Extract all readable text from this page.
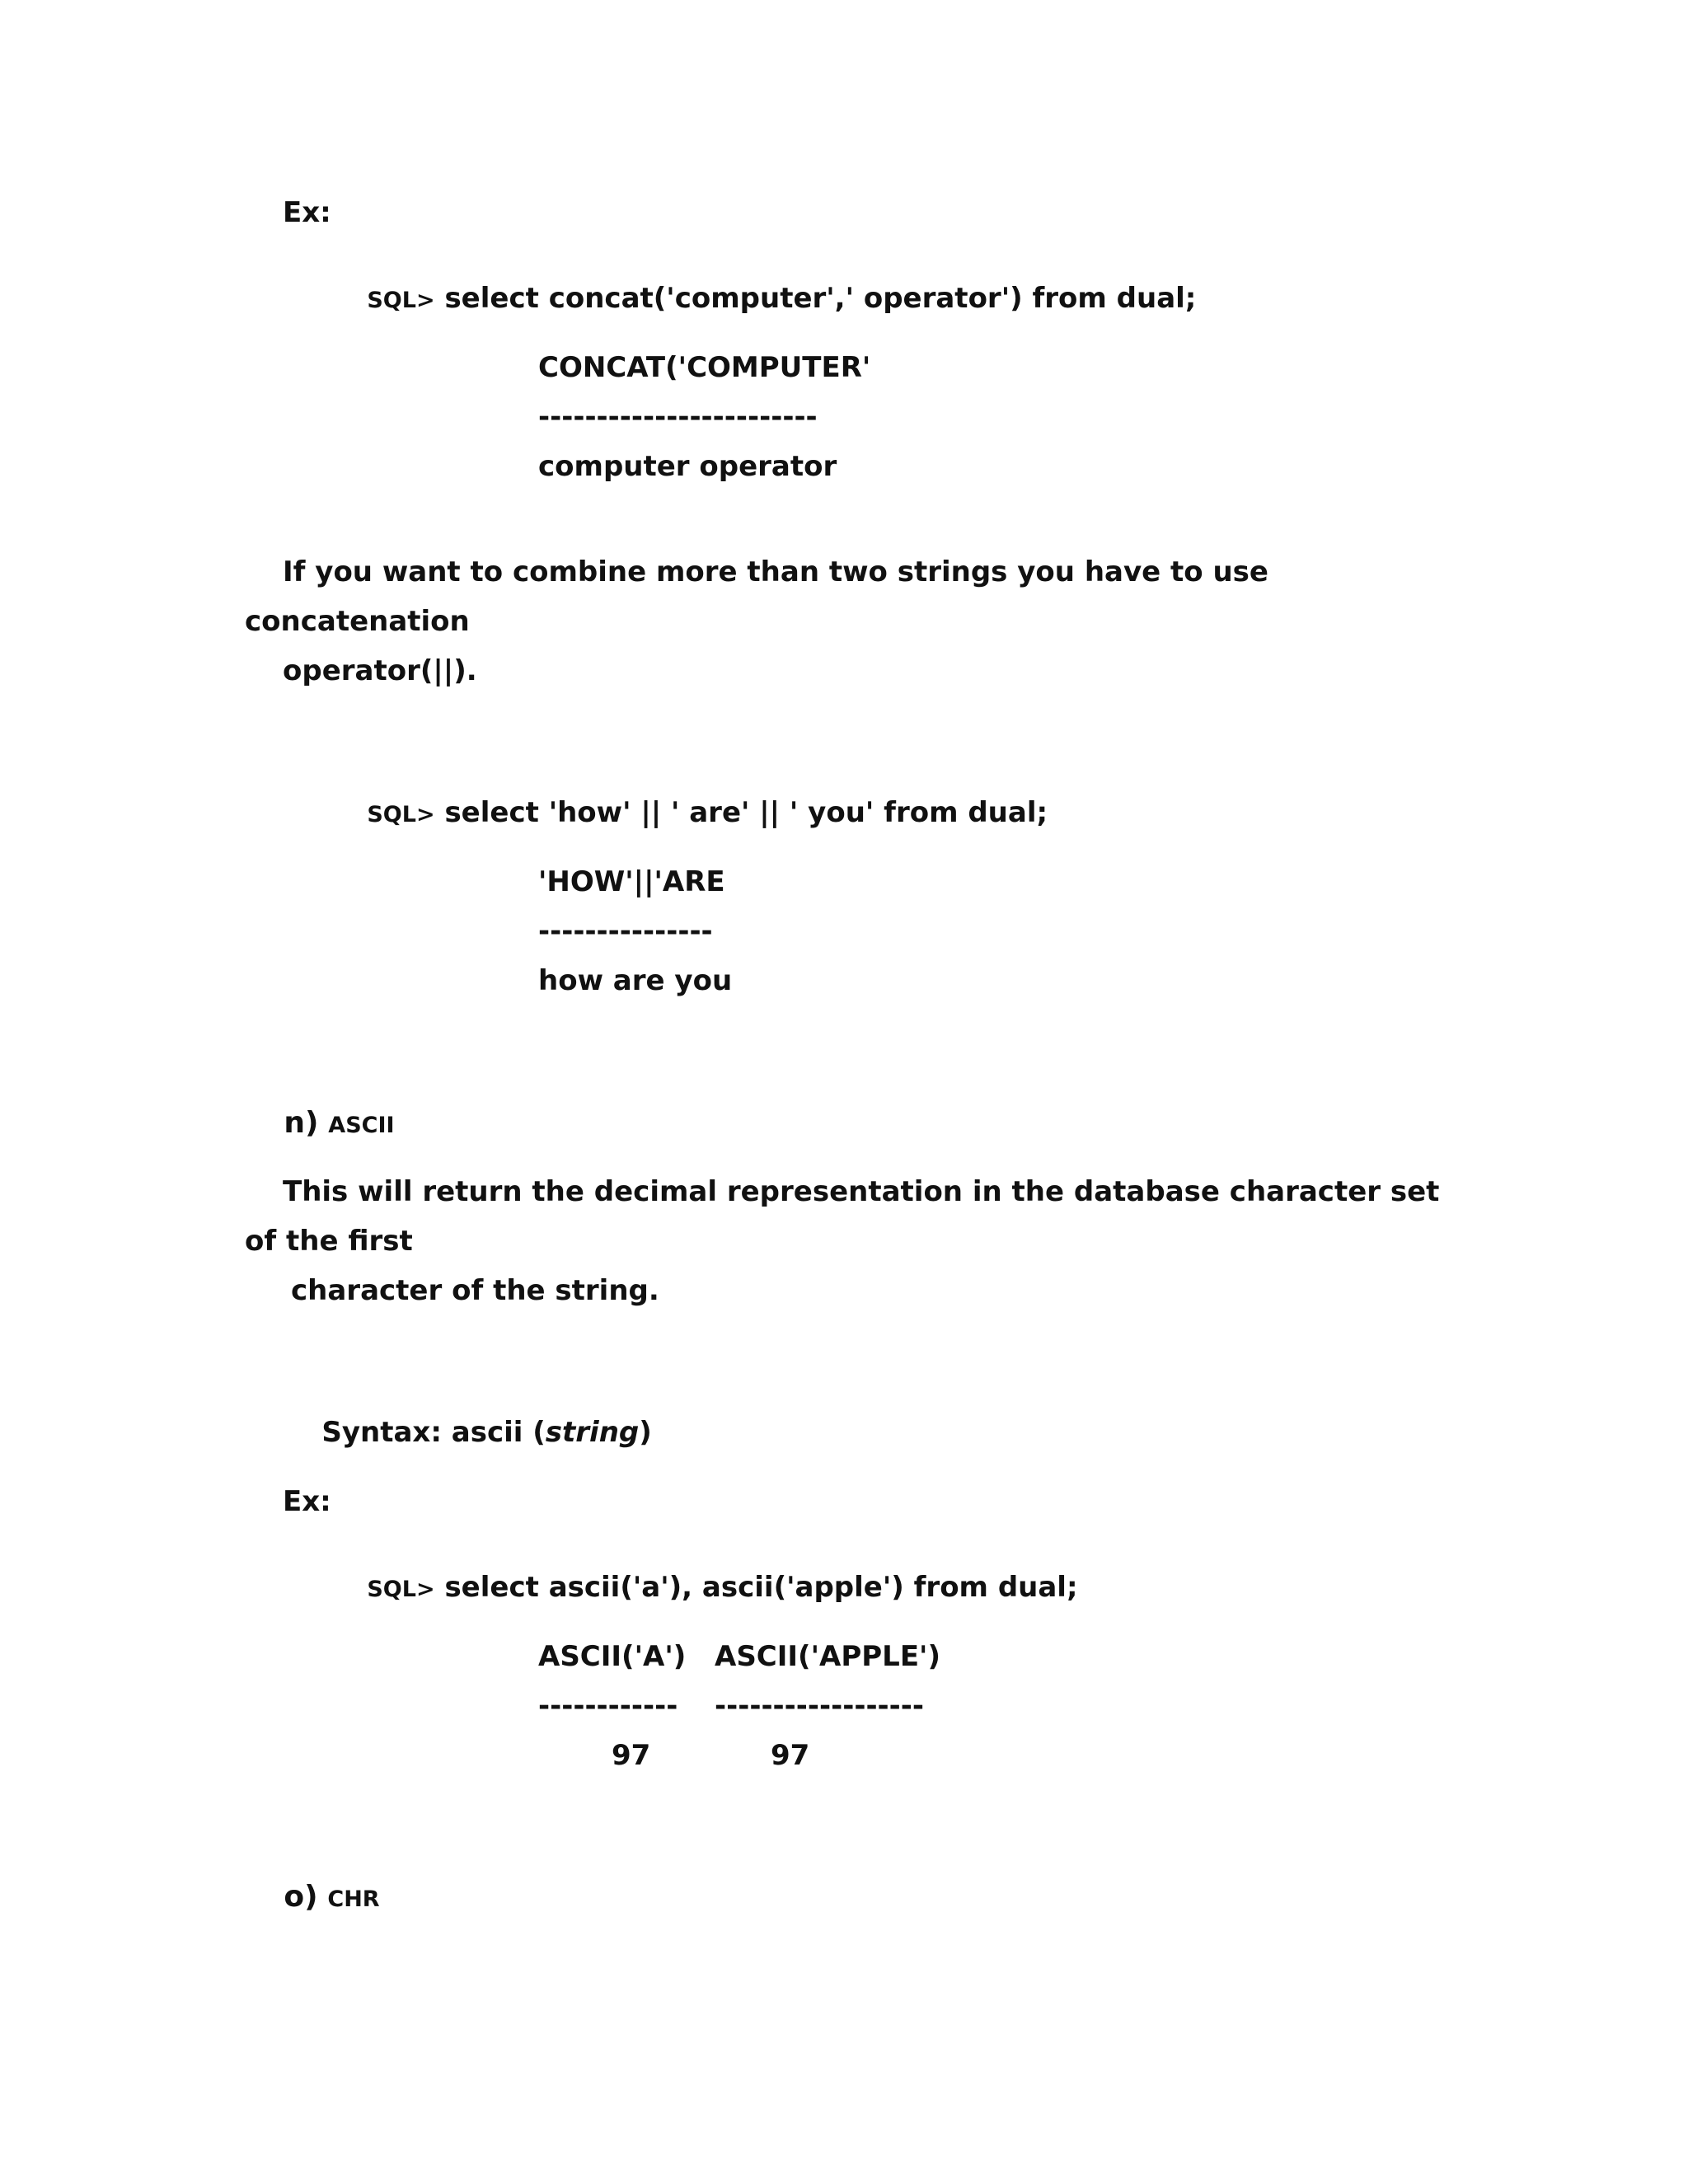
Ex:

SQL> select concat('computer',' operator') from dual;

CONCAT('COMPUTER'
------------------------
computer operator
If you want to combine more than two strings you have to use
concatenation
operator(||).

SQL> select 'how' || ' are' || ' you' from dual;

'HOW'||'ARE
---------------
how are you

n) ASCII

This will return the decimal representation in the database character set
of the first
character of the string.

Syntax: ascii (string)

Ex:

SQL> select ascii('a'), ascii('apple') from dual;

ASCII('A') ASCII('APPLE')
------------ ------------------
97	97

o) CHR
